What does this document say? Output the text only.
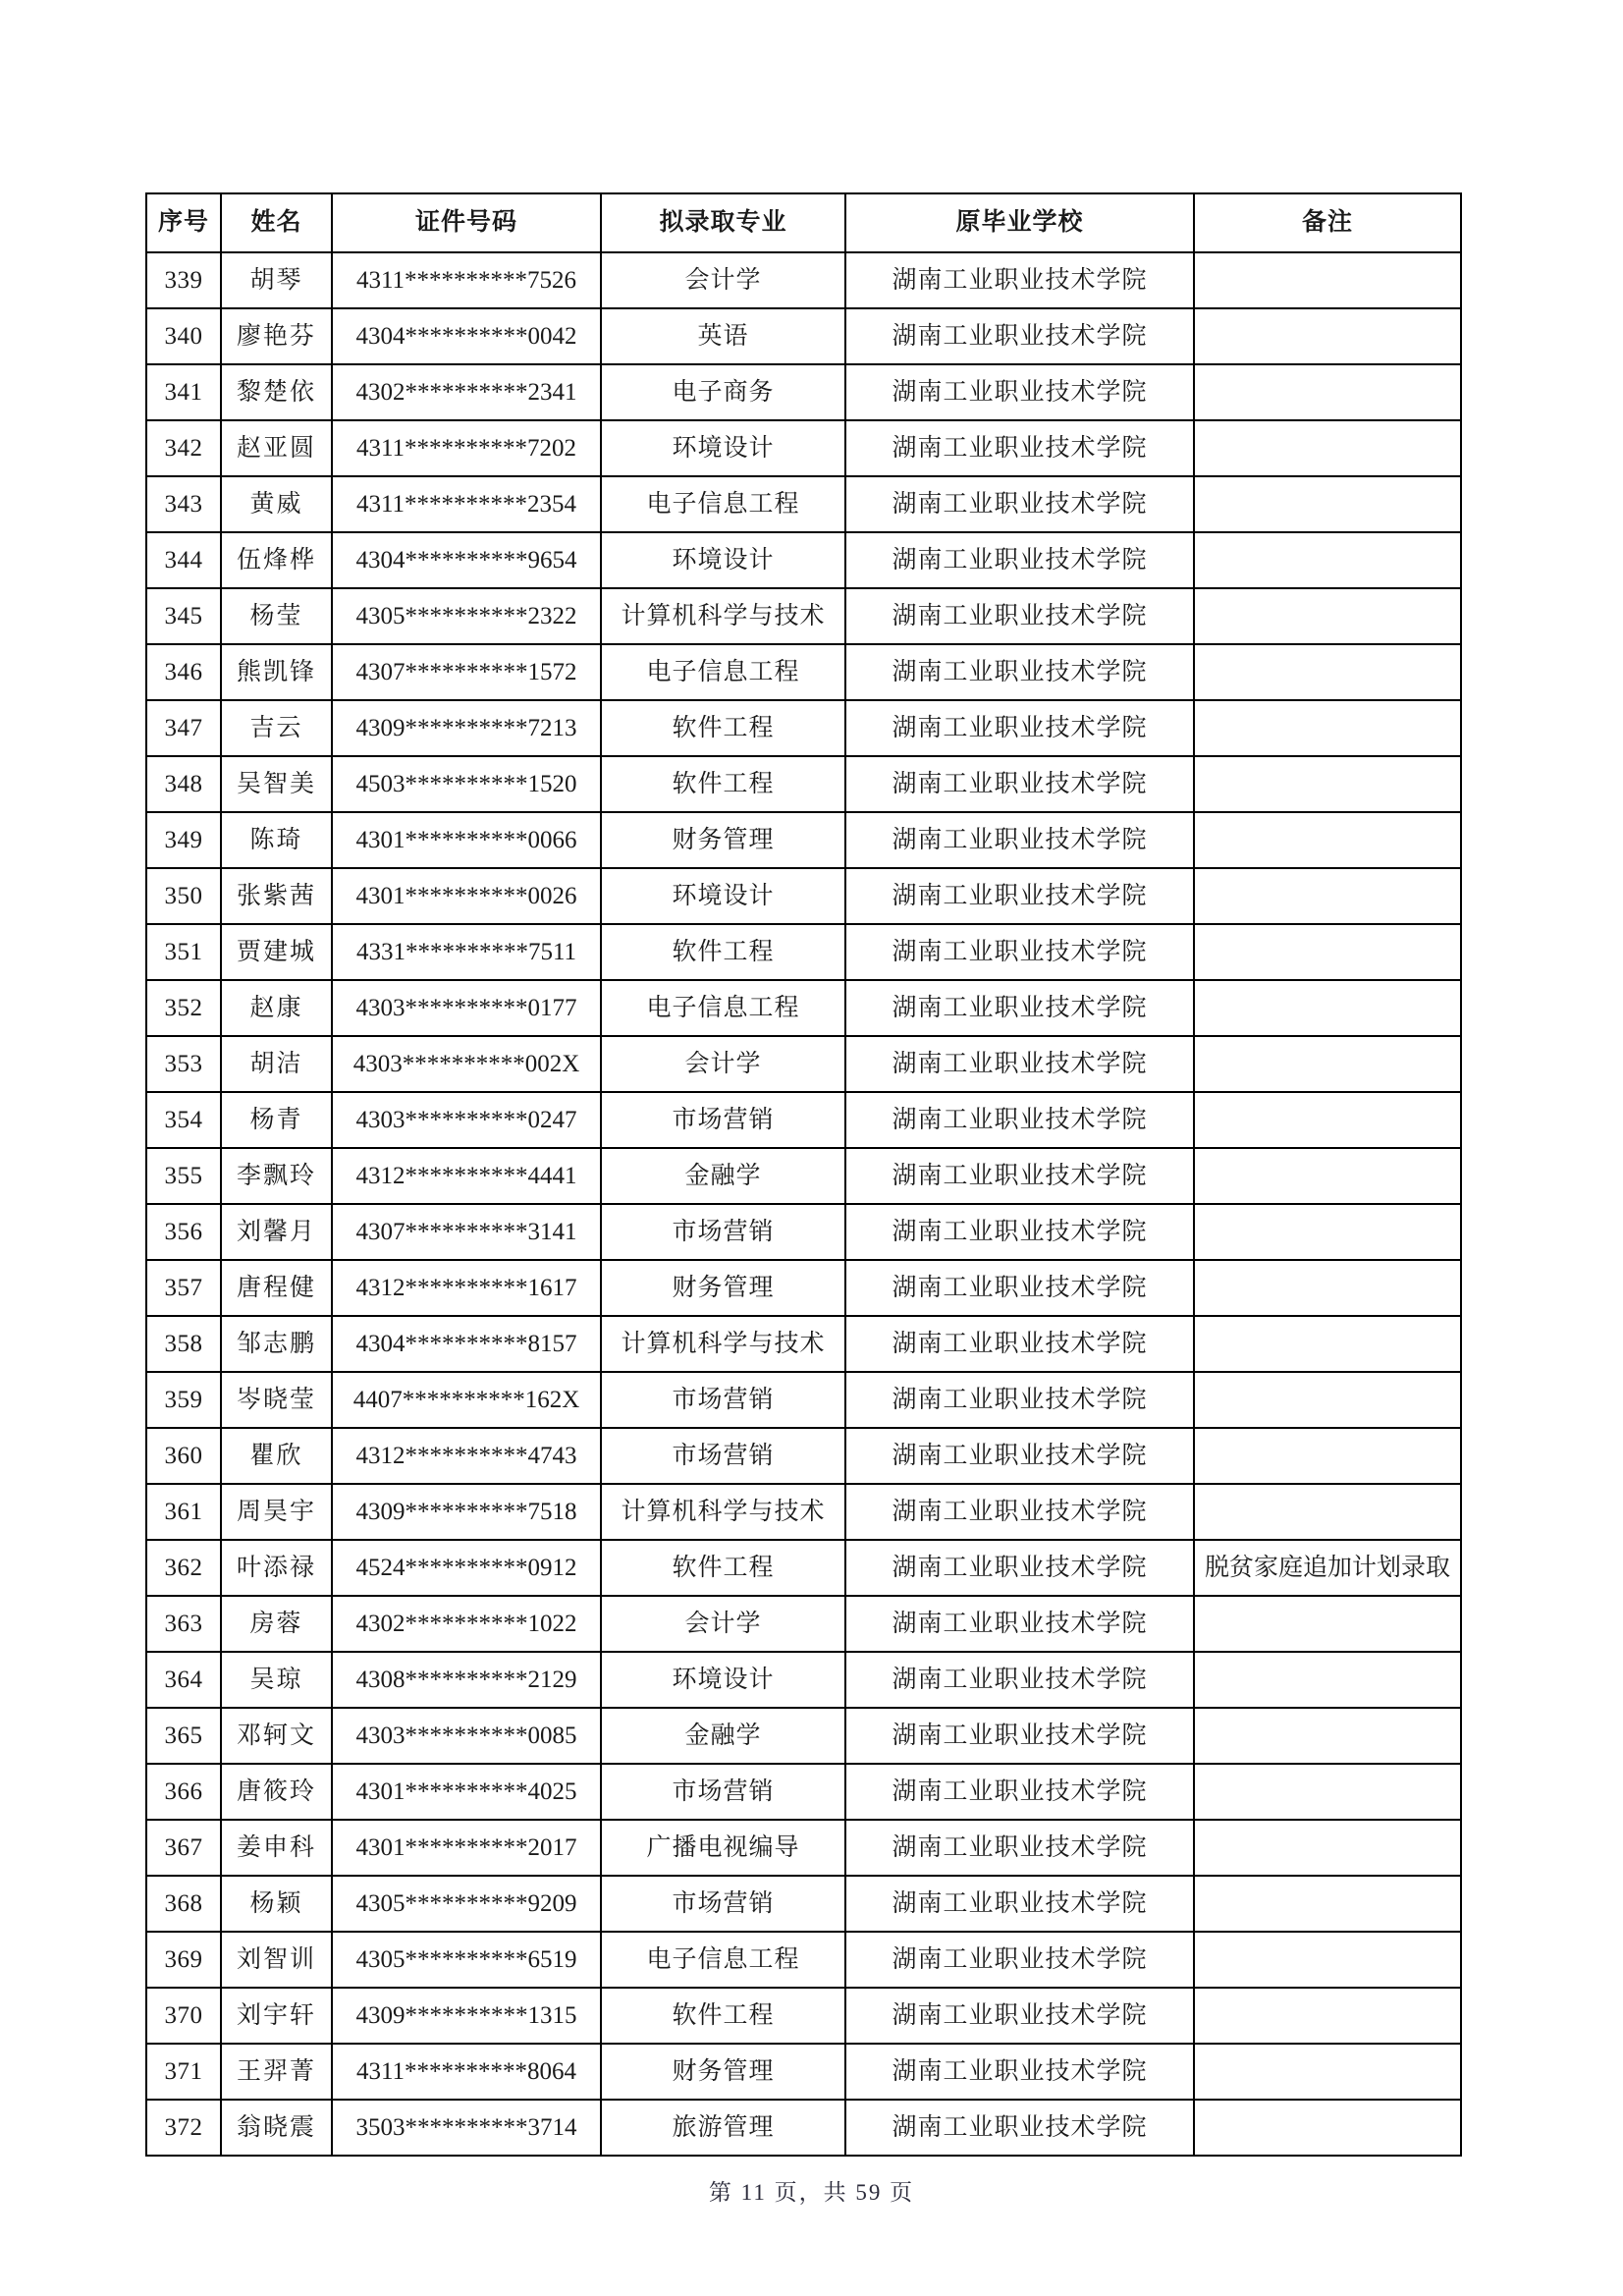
序号	姓名	证件号码	拟录取专业	原毕业学校	备注
339	胡琴	4311**********7526	会计学	湖南工业职业技术学院	
340	廖艳芬	4304**********0042	英语	湖南工业职业技术学院	
341	黎楚依	4302**********2341	电子商务	湖南工业职业技术学院	
342	赵亚圆	4311**********7202	环境设计	湖南工业职业技术学院	
343	黄威	4311**********2354	电子信息工程	湖南工业职业技术学院	
344	伍烽桦	4304**********9654	环境设计	湖南工业职业技术学院	
345	杨莹	4305**********2322	计算机科学与技术	湖南工业职业技术学院	
346	熊凯锋	4307**********1572	电子信息工程	湖南工业职业技术学院	
347	吉云	4309**********7213	软件工程	湖南工业职业技术学院	
348	吴智美	4503**********1520	软件工程	湖南工业职业技术学院	
349	陈琦	4301**********0066	财务管理	湖南工业职业技术学院	
350	张紫茜	4301**********0026	环境设计	湖南工业职业技术学院	
351	贾建城	4331**********7511	软件工程	湖南工业职业技术学院	
352	赵康	4303**********0177	电子信息工程	湖南工业职业技术学院	
353	胡洁	4303**********002X	会计学	湖南工业职业技术学院	
354	杨青	4303**********0247	市场营销	湖南工业职业技术学院	
355	李飘玲	4312**********4441	金融学	湖南工业职业技术学院	
356	刘馨月	4307**********3141	市场营销	湖南工业职业技术学院	
357	唐程健	4312**********1617	财务管理	湖南工业职业技术学院	
358	邹志鹏	4304**********8157	计算机科学与技术	湖南工业职业技术学院	
359	岑晓莹	4407**********162X	市场营销	湖南工业职业技术学院	
360	瞿欣	4312**********4743	市场营销	湖南工业职业技术学院	
361	周昊宇	4309**********7518	计算机科学与技术	湖南工业职业技术学院	
362	叶添禄	4524**********0912	软件工程	湖南工业职业技术学院	脱贫家庭追加计划录取
363	房蓉	4302**********1022	会计学	湖南工业职业技术学院	
364	吴琼	4308**********2129	环境设计	湖南工业职业技术学院	
365	邓轲文	4303**********0085	金融学	湖南工业职业技术学院	
366	唐筱玲	4301**********4025	市场营销	湖南工业职业技术学院	
367	姜申科	4301**********2017	广播电视编导	湖南工业职业技术学院	
368	杨颖	4305**********9209	市场营销	湖南工业职业技术学院	
369	刘智训	4305**********6519	电子信息工程	湖南工业职业技术学院	
370	刘宇轩	4309**********1315	软件工程	湖南工业职业技术学院	
371	王羿菁	4311**********8064	财务管理	湖南工业职业技术学院	
372	翁晓震	3503**********3714	旅游管理	湖南工业职业技术学院	
第 11 页，共 59 页
